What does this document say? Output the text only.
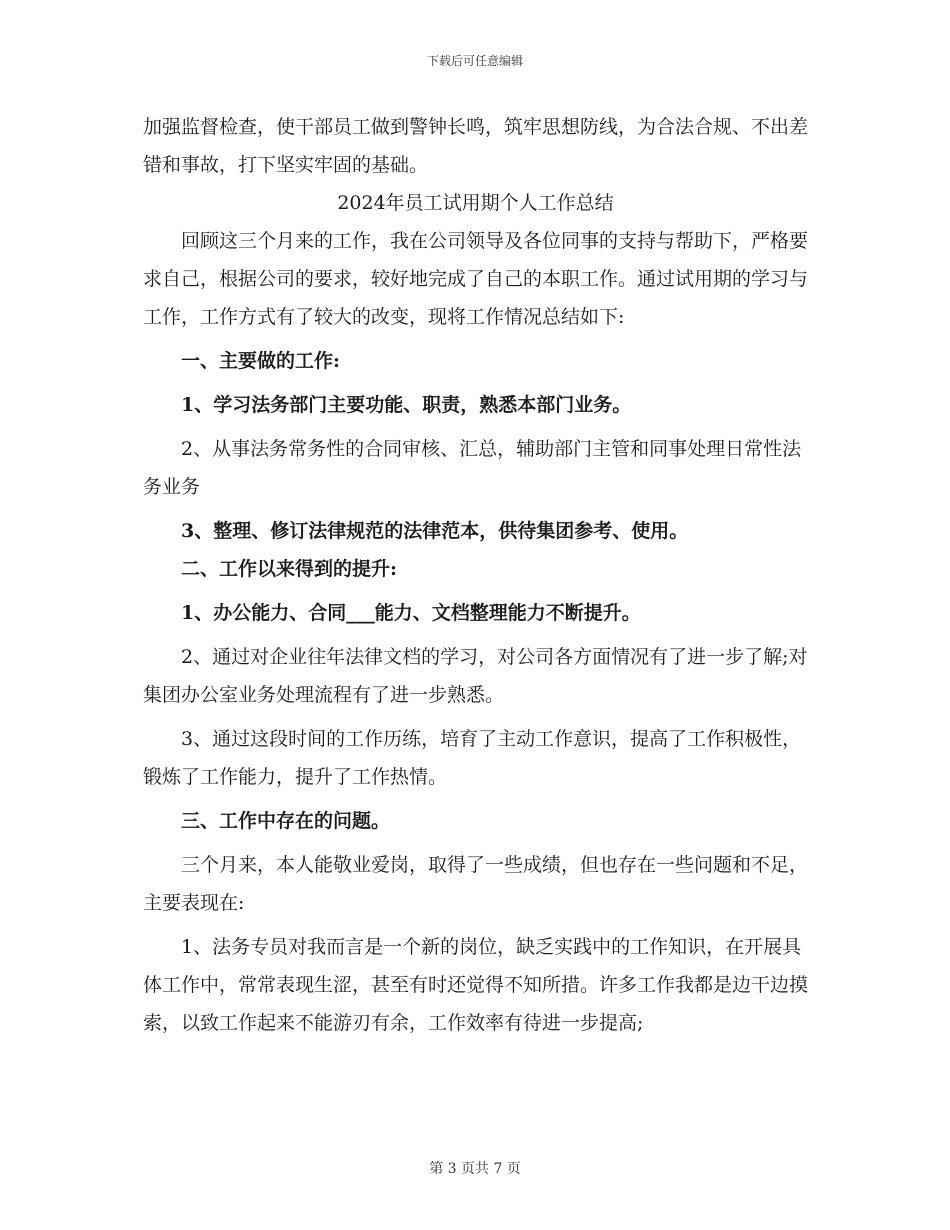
下载后可任意编辑

加强监督检查，使干部员工做到警钟长鸣，筑牢思想防线，为合法合规、不出差错和事故，打下坚实牢固的基础。

2024年员工试用期个人工作总结

回顾这三个月来的工作，我在公司领导及各位同事的支持与帮助下，严格要求自己，根据公司的要求，较好地完成了自己的本职工作。通过试用期的学习与工作，工作方式有了较大的改变，现将工作情况总结如下:

一、主要做的工作:

1、学习法务部门主要功能、职责，熟悉本部门业务。

2、从事法务常务性的合同审核、汇总，辅助部门主管和同事处理日常性法务业务

3、整理、修订法律规范的法律范本，供待集团参考、使用。

二、工作以来得到的提升:

1、办公能力、合同___能力、文档整理能力不断提升。

2、通过对企业往年法律文档的学习，对公司各方面情况有了进一步了解;对集团办公室业务处理流程有了进一步熟悉。

3、通过这段时间的工作历练，培育了主动工作意识，提高了工作积极性，锻炼了工作能力，提升了工作热情。

三、工作中存在的问题。

三个月来，本人能敬业爱岗，取得了一些成绩，但也存在一些问题和不足，主要表现在:

1、法务专员对我而言是一个新的岗位，缺乏实践中的工作知识，在开展具体工作中，常常表现生涩，甚至有时还觉得不知所措。许多工作我都是边干边摸索，以致工作起来不能游刃有余，工作效率有待进一步提高;

第 3 页共 7 页
